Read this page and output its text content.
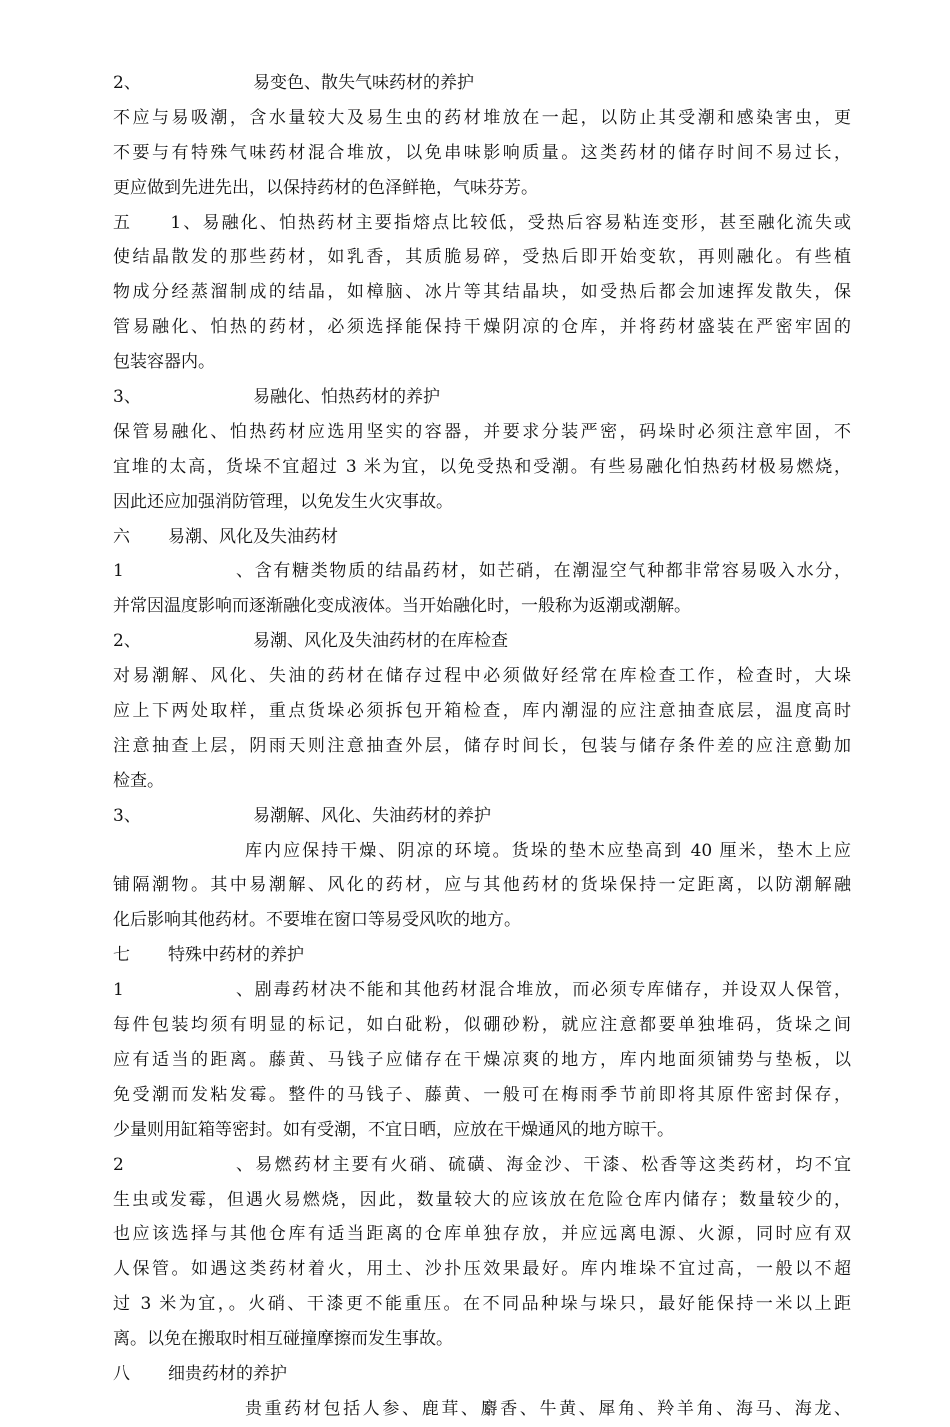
2、	易变色、散失气味药材的养护
不应与易吸潮，含水量较大及易生虫的药材堆放在一起，以防止其受潮和感染害虫，更
不要与有特殊气味药材混合堆放，以免串味影响质量。这类药材的储存时间不易过长，
更应做到先进先出，以保持药材的色泽鲜艳，气味芬芳。
五　　1、易融化、怕热药材主要指熔点比较低，受热后容易粘连变形，甚至融化流失或
使结晶散发的那些药材，如乳香，其质脆易碎，受热后即开始变软，再则融化。有些植
物成分经蒸溜制成的结晶，如樟脑、冰片等其结晶块，如受热后都会加速挥发散失，保
管易融化、怕热的药材，必须选择能保持干燥阴凉的仓库，并将药材盛装在严密牢固的
包装容器内。
3、	易融化、怕热药材的养护
保管易融化、怕热药材应选用坚实的容器，并要求分装严密，码垛时必须注意牢固，不
宜堆的太高，货垛不宜超过 3 米为宜，以免受热和受潮。有些易融化怕热药材极易燃烧，
因此还应加强消防管理，以免发生火灾事故。
六 易潮、风化及失油药材
1、含有糖类物质的结晶药材，如芒硝，在潮湿空气种都非常容易吸入水分，
并常因温度影响而逐渐融化变成液体。当开始融化时，一般称为返潮或潮解。
2、	易潮、风化及失油药材的在库检查
对易潮解、风化、失油的药材在储存过程中必须做好经常在库检查工作，检查时，大垛
应上下两处取样，重点货垛必须拆包开箱检查，库内潮湿的应注意抽查底层，温度高时
注意抽查上层，阴雨天则注意抽查外层，储存时间长，包装与储存条件差的应注意勤加
检查。
3、	易潮解、风化、失油药材的养护
库内应保持干燥、阴凉的环境。货垛的垫木应垫高到 40 厘米，垫木上应
铺隔潮物。其中易潮解、风化的药材，应与其他药材的货垛保持一定距离，以防潮解融
化后影响其他药材。不要堆在窗口等易受风吹的地方。
七 特殊中药材的养护
1、剧毒药材决不能和其他药材混合堆放，而必须专库储存，并设双人保管，
每件包装均须有明显的标记，如白砒粉，似硼砂粉，就应注意都要单独堆码，货垛之间
应有适当的距离。藤黄、马钱子应储存在干燥凉爽的地方，库内地面须铺势与垫板，以
免受潮而发粘发霉。整件的马钱子、藤黄、一般可在梅雨季节前即将其原件密封保存，
少量则用缸箱等密封。如有受潮，不宜日晒，应放在干燥通风的地方晾干。
2、易燃药材主要有火硝、硫磺、海金沙、干漆、松香等这类药材，均不宜
生虫或发霉，但遇火易燃烧，因此，数量较大的应该放在危险仓库内储存；数量较少的，
也应该选择与其他仓库有适当距离的仓库单独存放，并应远离电源、火源，同时应有双
人保管。如遇这类药材着火，用土、沙扑压效果最好。库内堆垛不宜过高，一般以不超
过 3 米为宜，。火硝、干漆更不能重压。在不同品种垛与垛只，最好能保持一米以上距
离。以免在搬取时相互碰撞摩擦而发生事故。
八 细贵药材的养护
贵重药材包括人参、鹿茸、麝香、牛黄、犀角、羚羊角、海马、海龙、
